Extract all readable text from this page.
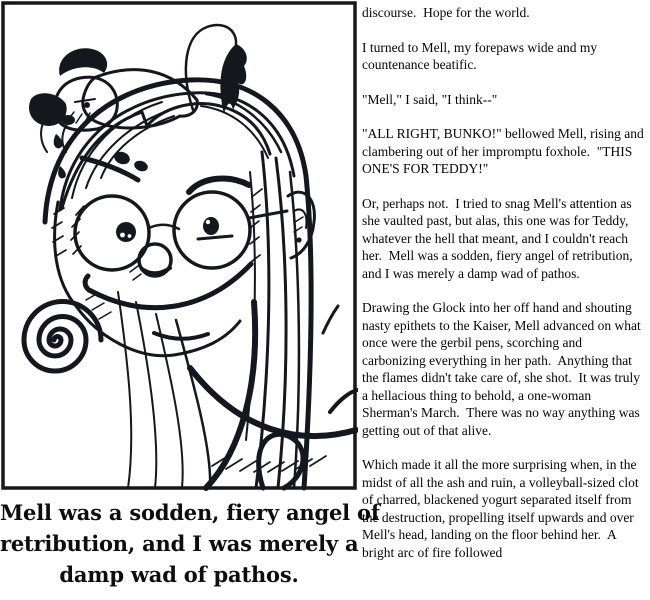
Mell was a sodden, fiery angel of
retribution, and I was merely a
damp wad of pathos.

discourse.  Hope for the world.

I turned to Mell, my forepaws wide and my countenance beatific.

"Mell," I said, "I think--"

"ALL RIGHT, BUNKO!" bellowed Mell, rising and clambering out of her impromptu foxhole.  "THIS ONE'S FOR TEDDY!"

Or, perhaps not.  I tried to snag Mell's attention as she vaulted past, but alas, this one was for Teddy, whatever the hell that meant, and I couldn't reach her.  Mell was a sodden, fiery angel of retribution, and I was merely a damp wad of pathos.

Drawing the Glock into her off hand and shouting nasty epithets to the Kaiser, Mell advanced on what once were the gerbil pens, scorching and carbonizing everything in her path.  Anything that the flames didn't take care of, she shot.  It was truly a hellacious thing to behold, a one-woman Sherman's March.  There was no way anything was getting out of that alive.

Which made it all the more surprising when, in the midst of all the ash and ruin, a volleyball-sized clot of charred, blackened yogurt separated itself from the destruction, propelling itself upwards and over Mell's head, landing on the floor behind her.  A bright arc of fire followed
